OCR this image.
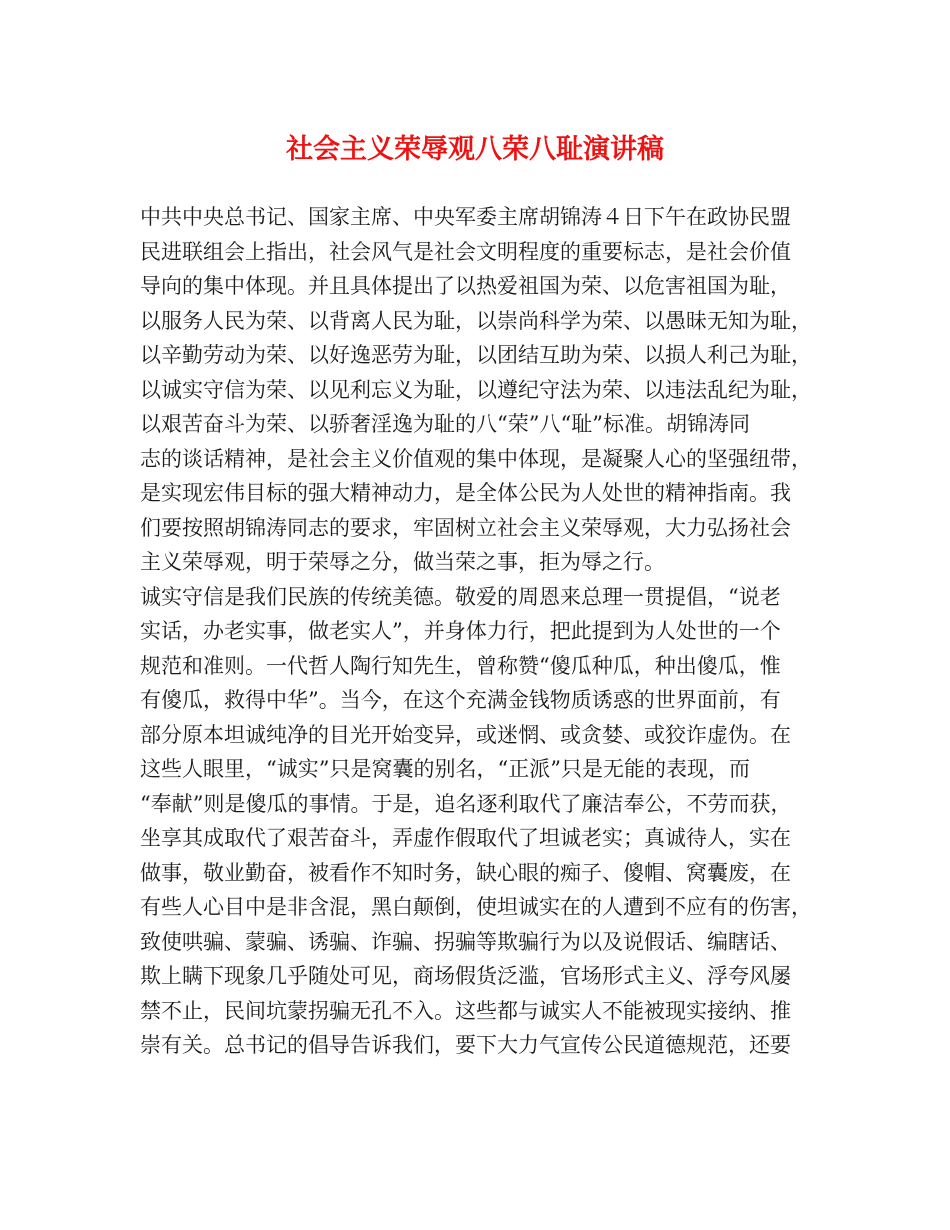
社会主义荣辱观八荣八耻演讲稿
中共中央总书记、国家主席、中央军委主席胡锦涛４日下午在政协民盟
民进联组会上指出，社会风气是社会文明程度的重要标志，是社会价值
导向的集中体现。并且具体提出了以热爱祖国为荣、以危害祖国为耻，
以服务人民为荣、以背离人民为耻，以崇尚科学为荣、以愚昧无知为耻，
以辛勤劳动为荣、以好逸恶劳为耻，以团结互助为荣、以损人利己为耻，
以诚实守信为荣、以见利忘义为耻，以遵纪守法为荣、以违法乱纪为耻，
以艰苦奋斗为荣、以骄奢淫逸为耻的八“荣”八“耻”标准。胡锦涛同
志的谈话精神，是社会主义价值观的集中体现，是凝聚人心的坚强纽带，
是实现宏伟目标的强大精神动力，是全体公民为人处世的精神指南。我
们要按照胡锦涛同志的要求，牢固树立社会主义荣辱观，大力弘扬社会
主义荣辱观，明于荣辱之分，做当荣之事，拒为辱之行。
诚实守信是我们民族的传统美德。敬爱的周恩来总理一贯提倡，“说老
实话，办老实事，做老实人”，并身体力行，把此提到为人处世的一个
规范和准则。一代哲人陶行知先生，曾称赞“傻瓜种瓜，种出傻瓜，惟
有傻瓜，救得中华”。当今，在这个充满金钱物质诱惑的世界面前，有
部分原本坦诚纯净的目光开始变异，或迷惘、或贪婪、或狡诈虚伪。在
这些人眼里，“诚实”只是窝囊的别名，“正派”只是无能的表现，而
“奉献”则是傻瓜的事情。于是，追名逐利取代了廉洁奉公，不劳而获，
坐享其成取代了艰苦奋斗，弄虚作假取代了坦诚老实；真诚待人，实在
做事，敬业勤奋，被看作不知时务，缺心眼的痴子、傻帽、窝囊废，在
有些人心目中是非含混，黑白颠倒，使坦诚实在的人遭到不应有的伤害，
致使哄骗、蒙骗、诱骗、诈骗、拐骗等欺骗行为以及说假话、编瞎话、
欺上瞒下现象几乎随处可见，商场假货泛滥，官场形式主义、浮夸风屡
禁不止，民间坑蒙拐骗无孔不入。这些都与诚实人不能被现实接纳、推
崇有关。总书记的倡导告诉我们，要下大力气宣传公民道德规范，还要
